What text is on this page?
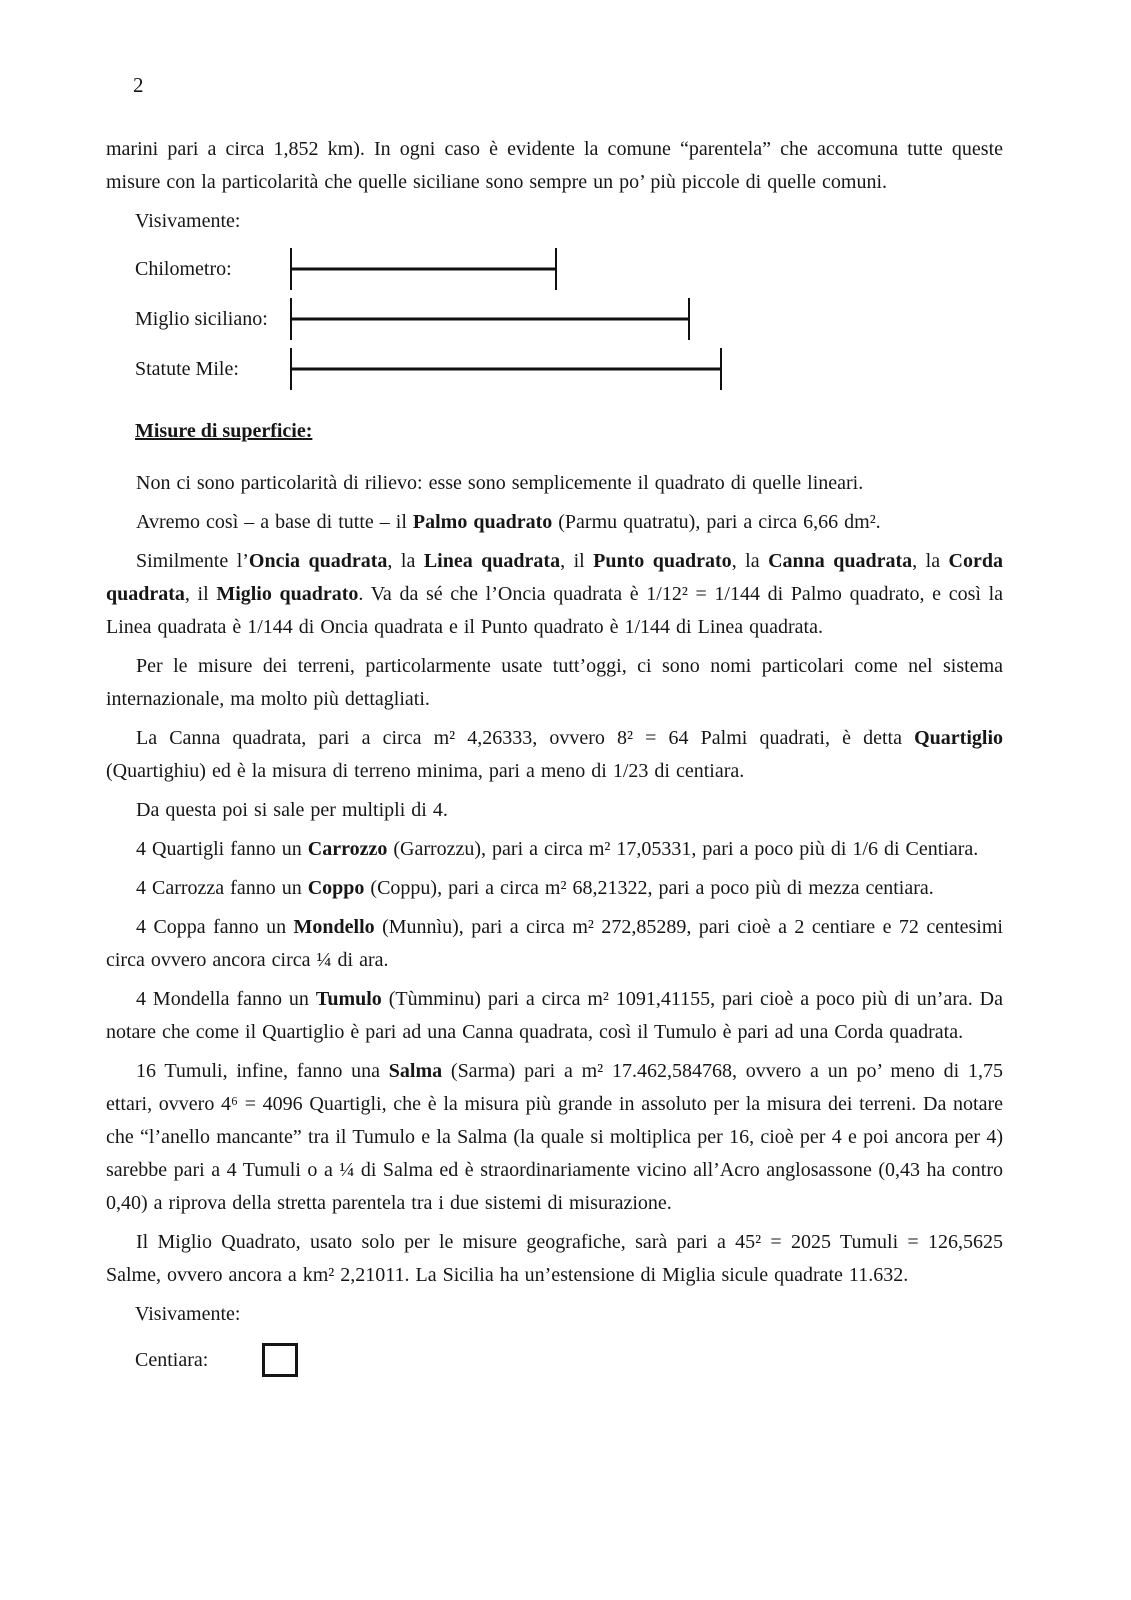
2
marini pari a circa 1,852 km). In ogni caso è evidente la comune “parentela” che accomuna tutte queste misure con la particolarità che quelle siciliane sono sempre un po’ più piccole di quelle comuni.
Visivamente:
Chilometro:
Miglio siciliano:
Statute Mile:
Misure di superficie:
Non ci sono particolarità di rilievo: esse sono semplicemente il quadrato di quelle lineari.
Avremo così – a base di tutte – il Palmo quadrato (Parmu quatratu), pari a circa 6,66 dm².
Similmente l’Oncia quadrata, la Linea quadrata, il Punto quadrato, la Canna quadrata, la Corda quadrata, il Miglio quadrato. Va da sé che l’Oncia quadrata è 1/12² = 1/144 di Palmo quadrato, e così la Linea quadrata è 1/144 di Oncia quadrata e il Punto quadrato è 1/144 di Linea quadrata.
Per le misure dei terreni, particolarmente usate tutt’oggi, ci sono nomi particolari come nel sistema internazionale, ma molto più dettagliati.
La Canna quadrata, pari a circa m² 4,26333, ovvero 8² = 64 Palmi quadrati, è detta Quartiglio (Quartighiu) ed è la misura di terreno minima, pari a meno di 1/23 di centiara.
Da questa poi si sale per multipli di 4.
4 Quartigli fanno un Carrozzo (Garrozzu), pari a circa m² 17,05331, pari a poco più di 1/6 di Centiara.
4 Carrozza fanno un Coppo (Coppu), pari a circa m² 68,21322, pari a poco più di mezza centiara.
4 Coppa fanno un Mondello (Munnìu), pari a circa m² 272,85289, pari cioè a 2 centiare e 72 centesimi circa ovvero ancora circa ¼ di ara.
4 Mondella fanno un Tumulo (Tùmminu) pari a circa m² 1091,41155, pari cioè a poco più di un’ara. Da notare che come il Quartiglio è pari ad una Canna quadrata, così il Tumulo è pari ad una Corda quadrata.
16 Tumuli, infine, fanno una Salma (Sarma) pari a m² 17.462,584768, ovvero a un po’ meno di 1,75 ettari, ovvero 4⁶ = 4096 Quartigli, che è la misura più grande in assoluto per la misura dei terreni. Da notare che “l’anello mancante” tra il Tumulo e la Salma (la quale si moltiplica per 16, cioè per 4 e poi ancora per 4) sarebbe pari a 4 Tumuli o a ¼ di Salma ed è straordinariamente vicino all’Acro anglosassone (0,43 ha contro 0,40) a riprova della stretta parentela tra i due sistemi di misurazione.
Il Miglio Quadrato, usato solo per le misure geografiche, sarà pari a 45² = 2025 Tumuli = 126,5625 Salme, ovvero ancora a km² 2,21011. La Sicilia ha un’estensione di Miglia sicule quadrate 11.632.
Visivamente:
Centiara:
